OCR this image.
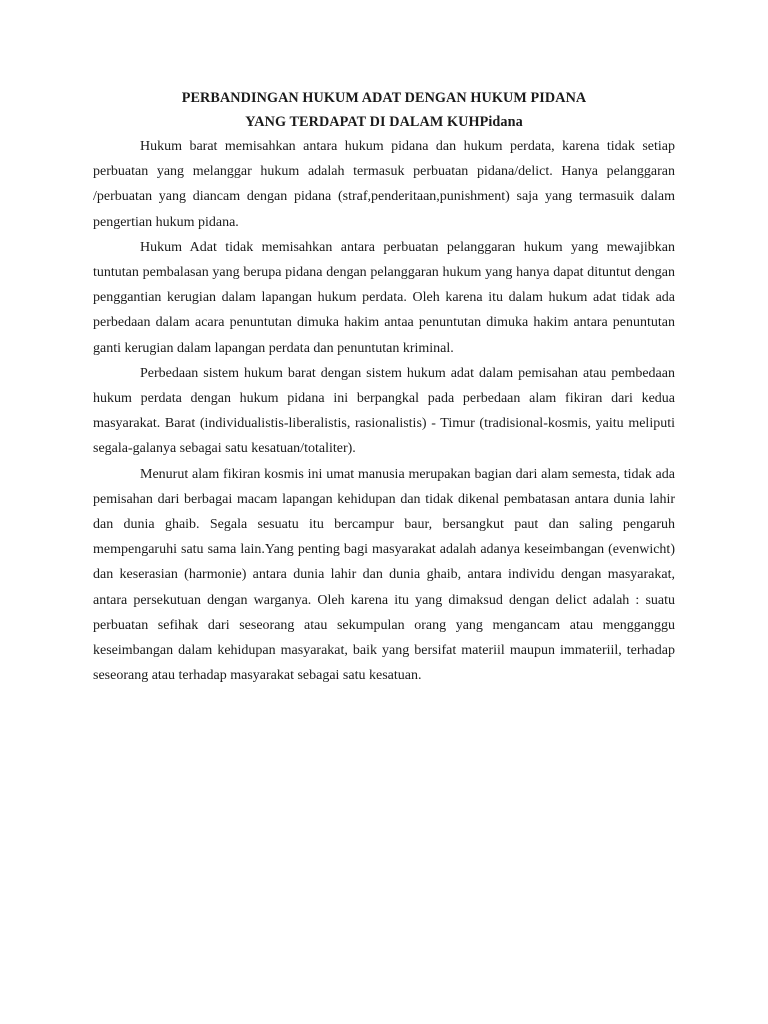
PERBANDINGAN HUKUM ADAT DENGAN HUKUM PIDANA
YANG TERDAPAT DI DALAM KUHPidana

Hukum barat memisahkan antara hukum pidana dan hukum perdata, karena tidak setiap perbuatan yang melanggar hukum adalah termasuk perbuatan pidana/delict. Hanya pelanggaran /perbuatan yang diancam dengan pidana (straf,penderitaan,punishment) saja yang termasuik dalam pengertian hukum pidana.

Hukum Adat tidak memisahkan antara perbuatan pelanggaran hukum yang mewajibkan tuntutan pembalasan yang berupa pidana dengan pelanggaran hukum yang hanya dapat dituntut dengan penggantian kerugian dalam lapangan hukum perdata. Oleh karena itu dalam hukum adat tidak ada perbedaan dalam acara penuntutan dimuka hakim antaa penuntutan dimuka hakim antara penuntutan ganti kerugian dalam lapangan perdata dan penuntutan kriminal.

Perbedaan sistem hukum barat dengan sistem hukum adat dalam pemisahan atau pembedaan hukum perdata dengan hukum pidana ini berpangkal pada perbedaan alam fikiran dari kedua masyarakat. Barat (individualistis-liberalistis, rasionalistis) - Timur (tradisional-kosmis, yaitu meliputi segala-galanya sebagai satu kesatuan/totaliter).

Menurut alam fikiran kosmis ini umat manusia merupakan bagian dari alam semesta, tidak ada pemisahan dari berbagai macam lapangan kehidupan dan tidak dikenal pembatasan antara dunia lahir dan dunia ghaib. Segala sesuatu itu bercampur baur, bersangkut paut dan saling pengaruh mempengaruhi satu sama lain.Yang penting bagi masyarakat adalah adanya keseimbangan (evenwicht) dan keserasian (harmonie) antara dunia lahir dan dunia ghaib, antara individu dengan masyarakat, antara persekutuan dengan warganya. Oleh karena itu yang dimaksud dengan delict adalah : suatu perbuatan sefihak dari seseorang atau sekumpulan orang yang mengancam atau mengganggu keseimbangan dalam kehidupan masyarakat, baik yang bersifat materiil maupun immateriil, terhadap seseorang atau terhadap masyarakat sebagai satu kesatuan.
